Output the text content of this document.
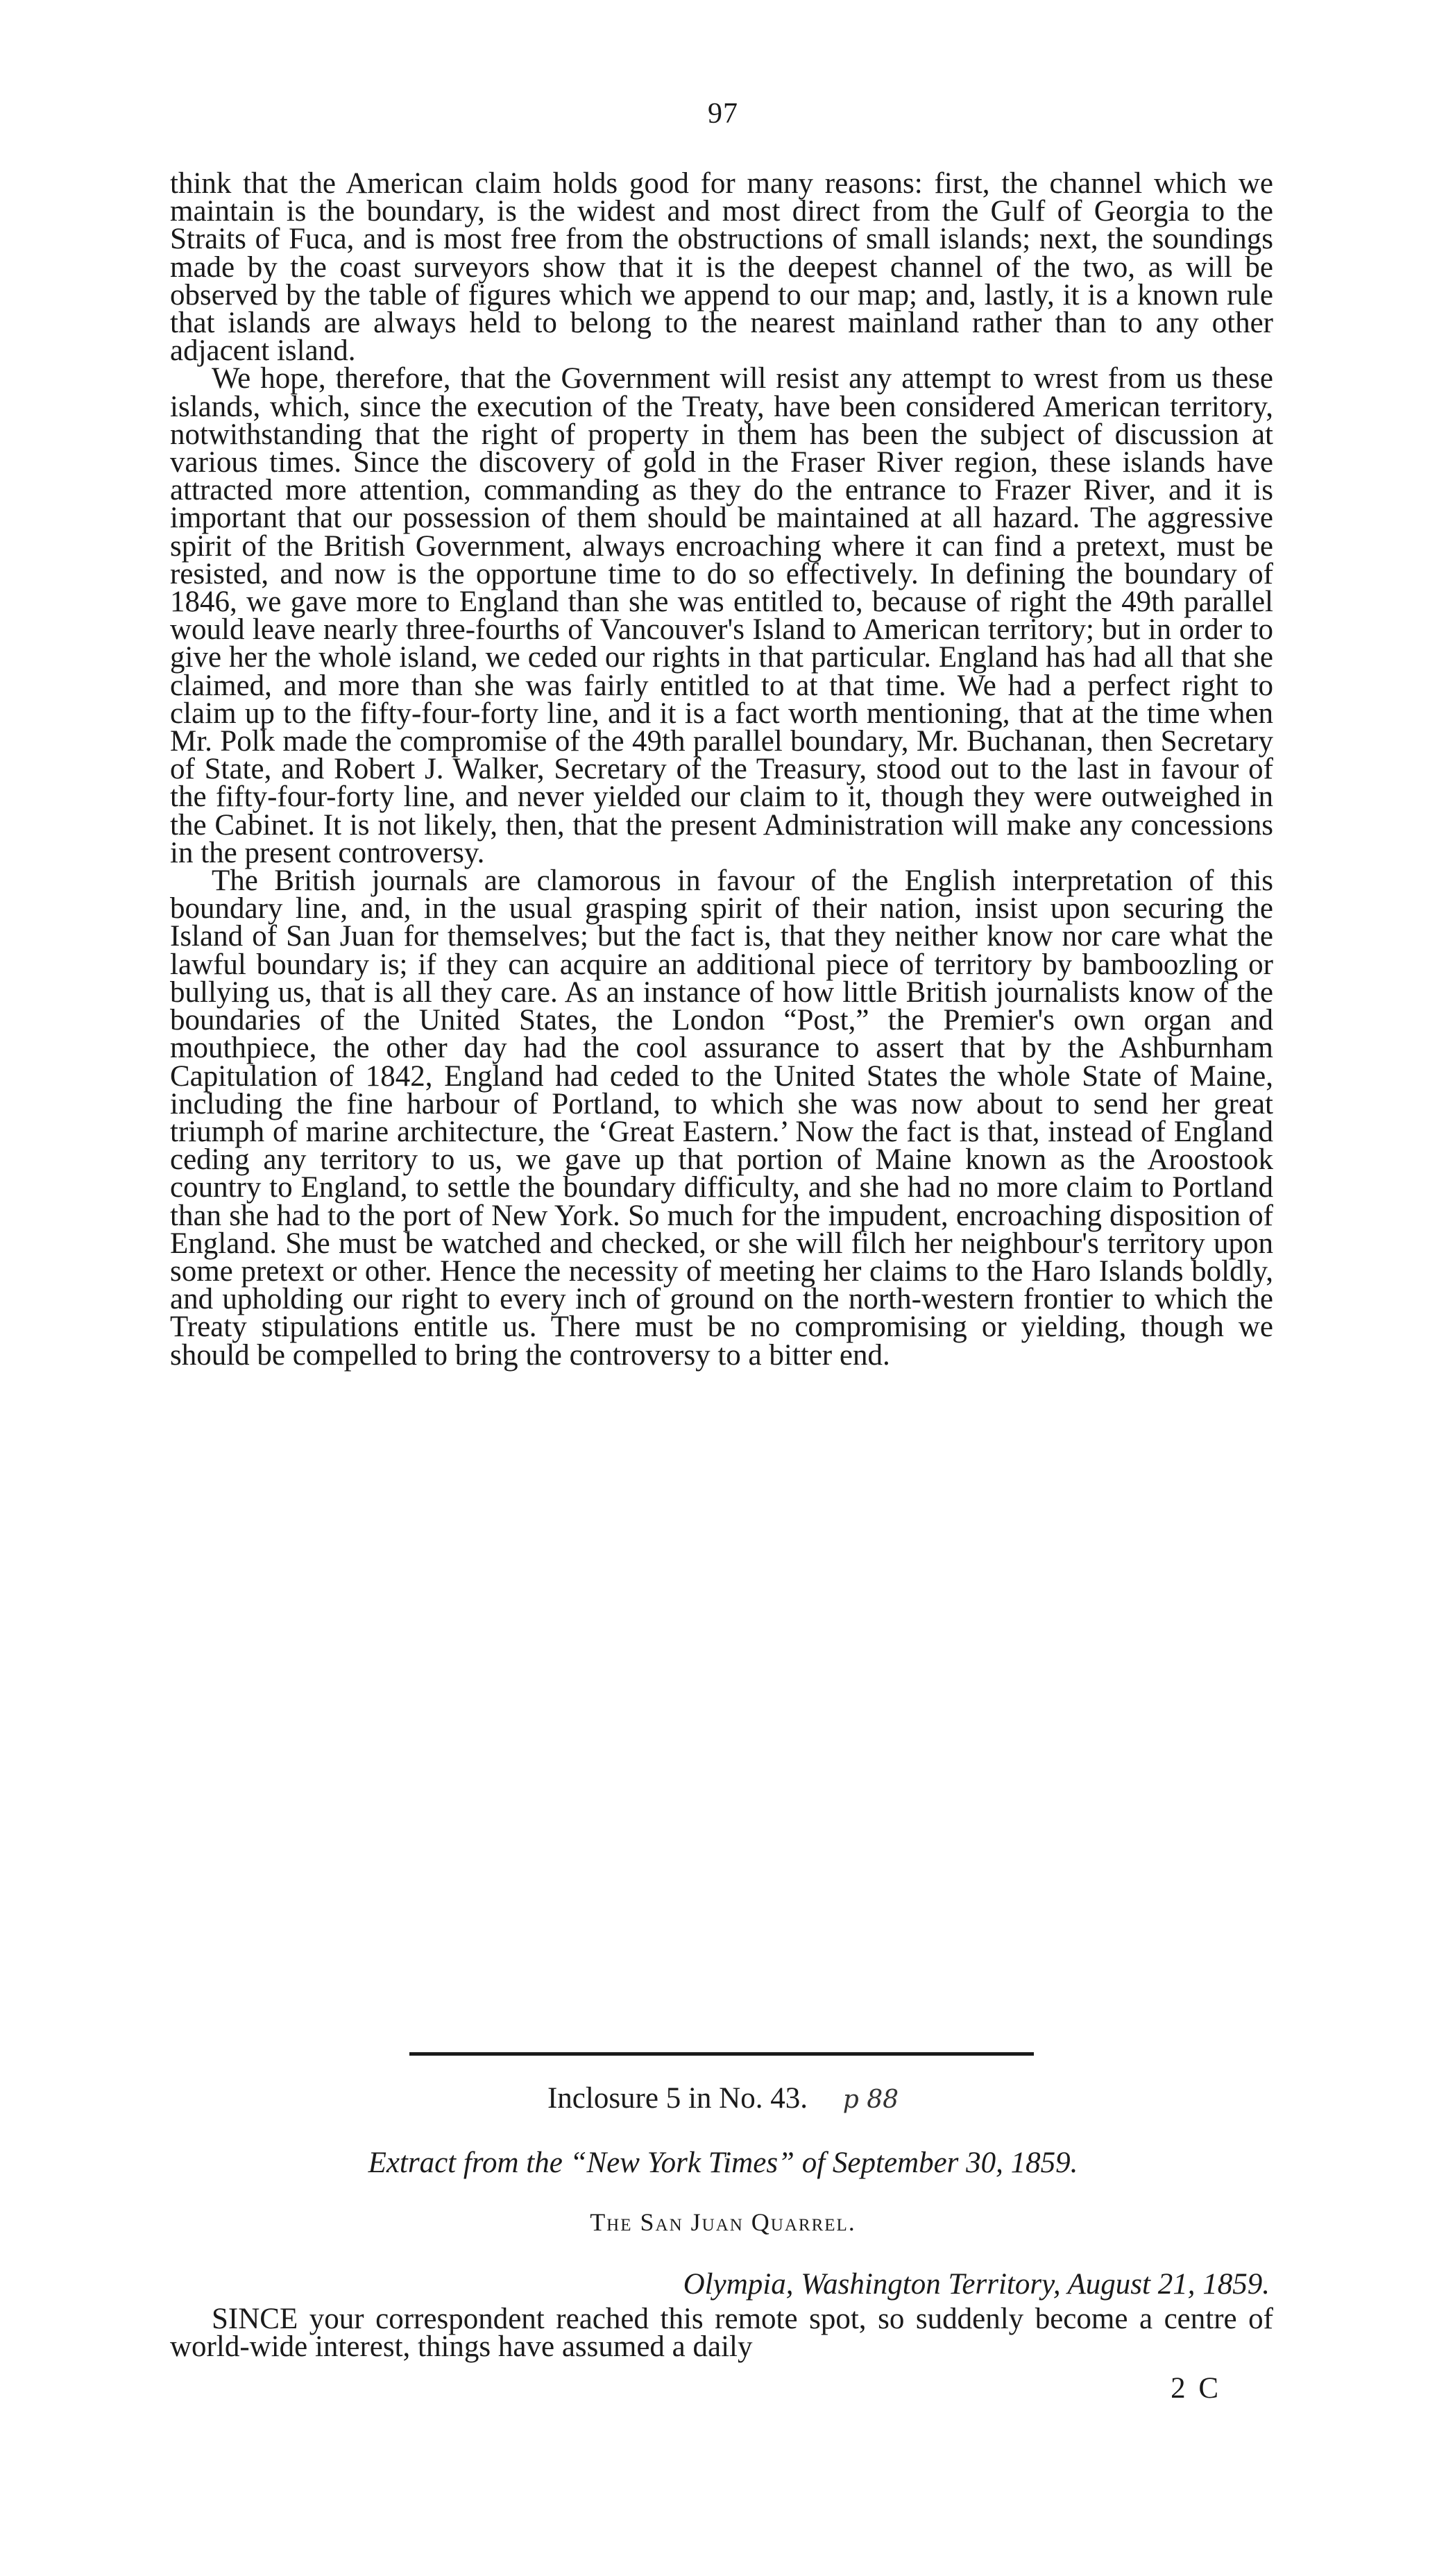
97

think that the American claim holds good for many reasons: first, the channel which we maintain is the boundary, is the widest and most direct from the Gulf of Georgia to the Straits of Fuca, and is most free from the obstructions of small islands; next, the soundings made by the coast surveyors show that it is the deepest channel of the two, as will be observed by the table of figures which we append to our map; and, lastly, it is a known rule that islands are always held to belong to the nearest mainland rather than to any other adjacent island.

We hope, therefore, that the Government will resist any attempt to wrest from us these islands, which, since the execution of the Treaty, have been considered American territory, notwithstanding that the right of property in them has been the subject of discussion at various times. Since the discovery of gold in the Fraser River region, these islands have attracted more attention, commanding as they do the entrance to Frazer River, and it is important that our possession of them should be maintained at all hazard. The aggressive spirit of the British Government, always encroaching where it can find a pretext, must be resisted, and now is the opportune time to do so effectively. In defining the boundary of 1846, we gave more to England than she was entitled to, because of right the 49th parallel would leave nearly three-fourths of Vancouver's Island to American territory; but in order to give her the whole island, we ceded our rights in that particular. England has had all that she claimed, and more than she was fairly entitled to at that time. We had a perfect right to claim up to the fifty-four-forty line, and it is a fact worth mentioning, that at the time when Mr. Polk made the compromise of the 49th parallel boundary, Mr. Buchanan, then Secretary of State, and Robert J. Walker, Secretary of the Treasury, stood out to the last in favour of the fifty-four-forty line, and never yielded our claim to it, though they were outweighed in the Cabinet. It is not likely, then, that the present Administration will make any concessions in the present controversy.

The British journals are clamorous in favour of the English interpretation of this boundary line, and, in the usual grasping spirit of their nation, insist upon securing the Island of San Juan for themselves; but the fact is, that they neither know nor care what the lawful boundary is; if they can acquire an additional piece of territory by bamboozling or bullying us, that is all they care. As an instance of how little British journalists know of the boundaries of the United States, the London “Post,” the Premier's own organ and mouthpiece, the other day had the cool assurance to assert that by the Ashburnham Capitulation of 1842, England had ceded to the United States the whole State of Maine, including the fine harbour of Portland, to which she was now about to send her great triumph of marine architecture, the ‘Great Eastern.’ Now the fact is that, instead of England ceding any territory to us, we gave up that portion of Maine known as the Aroostook country to England, to settle the boundary difficulty, and she had no more claim to Portland than she had to the port of New York. So much for the impudent, encroaching disposition of England. She must be watched and checked, or she will filch her neighbour's territory upon some pretext or other. Hence the necessity of meeting her claims to the Haro Islands boldly, and upholding our right to every inch of ground on the north-western frontier to which the Treaty stipulations entitle us. There must be no compromising or yielding, though we should be compelled to bring the controversy to a bitter end.

Inclosure 5 in No. 43. p 88
Extract from the “New York Times” of September 30, 1859.
The San Juan Quarrel.
Olympia, Washington Territory, August 21, 1859.

SINCE your correspondent reached this remote spot, so suddenly become a centre of world-wide interest, things have assumed a daily

2 C
